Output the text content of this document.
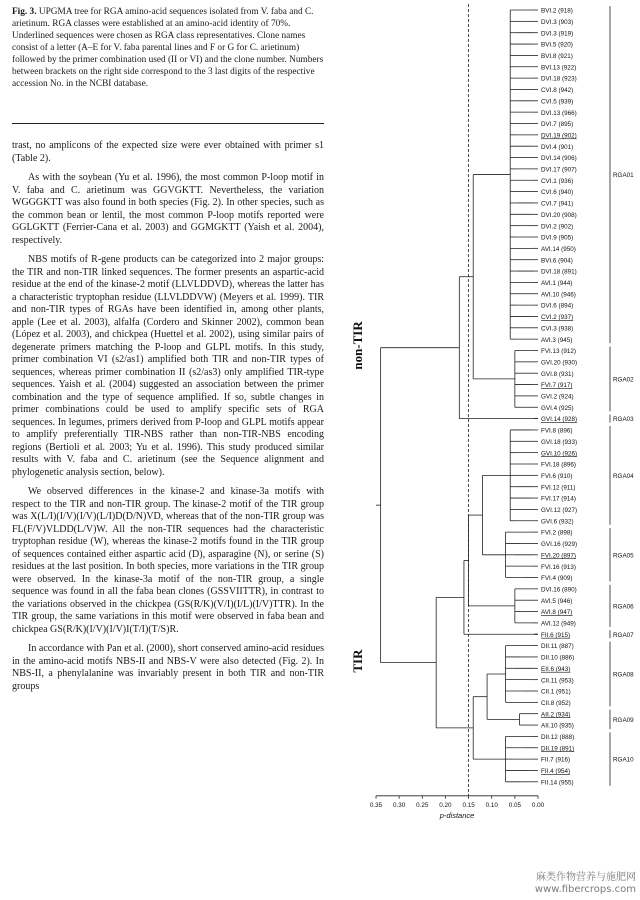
Fig. 3. UPGMA tree for RGA amino-acid sequences isolated from V. faba and C. arietinum. RGA classes were established at an amino-acid identity of 70%. Underlined sequences were chosen as RGA class representatives. Clone names consist of a letter (A–E for V. faba parental lines and F or G for C. arietinum) followed by the primer combination used (II or VI) and the clone number. Numbers between brackets on the right side correspond to the 3 last digits of the respective accession No. in the NCBI database.

trast, no amplicons of the expected size were ever obtained with primer s1 (Table 2).

As with the soybean (Yu et al. 1996), the most common P-loop motif in V. faba and C. arietinum was GGVGKTT. Nevertheless, the variation WGGGKTT was also found in both species (Fig. 2). In other species, such as the common bean or lentil, the most common P-loop motifs reported were GGLGKTT (Ferrier-Cana et al. 2003) and GGMGKTT (Yaish et al. 2004), respectively.

NBS motifs of R-gene products can be categorized into 2 major groups: the TIR and non-TIR linked sequences. The former presents an aspartic-acid residue at the end of the kinase-2 motif (LLVLDDVD), whereas the latter has a characteristic tryptophan residue (LLVLDDVW) (Meyers et al. 1999). TIR and non-TIR types of RGAs have been identified in, among other plants, apple (Lee et al. 2003), alfalfa (Cordero and Skinner 2002), common bean (López et al. 2003), and chickpea (Huettel et al. 2002), using similar pairs of degenerate primers matching the P-loop and GLPL motifs. In this study, primer combination VI (s2/as1) amplified both TIR and non-TIR types of sequences, whereas primer combination II (s2/as3) only amplified TIR-type sequences. Yaish et al. (2004) suggested an association between the primer combination and the type of sequence amplified. If so, subtle changes in primer combinations could be used to amplify specific sets of RGA sequences. In legumes, primers derived from P-loop and GLPL motifs appear to amplify preferentially TIR-NBS rather than non-TIR-NBS encoding regions (Bertioli et al. 2003; Yu et al. 1996). This study produced similar results with V. faba and C. arietinum (see the Sequence alignment and phylogenetic analysis section, below).

We observed differences in the kinase-2 and kinase-3a motifs with respect to the TIR and non-TIR group. The kinase-2 motif of the TIR group was X(L/I)(I/V)(I/V)(L/I)D(D/N)VD, whereas that of the non-TIR group was FL(F/V)VLDD(L/V)W. All the non-TIR sequences had the characteristic tryptophan residue (W), whereas the kinase-2 motifs found in the TIR group of sequences contained either aspartic acid (D), asparagine (N), or serine (S) residues at the last position. In both species, more variations in the TIR group were observed. In the kinase-3a motif of the non-TIR group, a single sequence was found in all the faba bean clones (GSSVIITTR), in contrast to the variations observed in the chickpea (GS(R/K)(V/I)(I/L)(I/V)TTR). In the TIR group, the same variations in this motif were observed in faba bean and chickpea GS(R/K)(I/V)(I/V)I(T/I)(T/S)R.

In accordance with Pan et al. (2000), short conserved amino-acid residues in the amino-acid motifs NBS-II and NBS-V were also detected (Fig. 2). In NBS-II, a phenylalanine was invariably present in both TIR and non-TIR groups

BVI.2 (918)
DVI.3 (903)
DVI.3 (919)
BVI.5 (920)
BVI.8 (921)
BVI.13 (922)
DVI.18 (923)
CVI.8 (942)
CVI.5 (939)
DVI.13 (966)
DVI.7 (895)
DVI.19 (902)
DVI.4 (901)
DVI.14 (906)
DVI.17 (907)
CVI.1 (936)
CVI.6 (940)
CVI.7 (941)
DVI.20 (908)
DVI.2 (902)
DVI.9 (905)
AVI.14 (950)
BVI.6 (904)
DVI.18 (891)
AVI.1 (944)
AVI.10 (946)
DVI.6 (894)
CVI.2 (937)
CVI.3 (938)
AVI.3 (945)
FVI.13 (912)
GVI.20 (930)
GVI.8 (931)
FVI.7 (917)
GVI.2 (924)
GVI.4 (925)
GVI.14 (928)
FVI.8 (896)
GVI.18 (933)
GVI.10 (926)
FVI.18 (896)
FVI.6 (910)
FVI.12 (911)
FVI.17 (914)
GVI.12 (927)
GVI.6 (932)
FVI.2 (898)
GVI.16 (929)
FVI.20 (897)
FVI.16 (913)
FVI.4 (909)
DVI.16 (890)
AVI.5 (946)
AVI.8 (947)
AVI.12 (949)
FII.6 (915)
DII.11 (887)
DII.10 (886)
EII.6 (943)
CII.11 (953)
CII.1 (951)
CII.8 (952)
AII.2 (934)
AII.10 (935)
DII.12 (888)
DII.19 (891)
FII.7 (916)
FII.4 (954)
FII.14 (955)
RGA01
RGA02
RGA03
RGA04
RGA05
RGA06
RGA07
RGA08
RGA09
RGA10
non-TIR
TIR
0.35 0.30 0.25 0.20 0.15 0.10 0.05 0.00
p-distance
麻类作物营养与施肥网
www.fibercrops.com
